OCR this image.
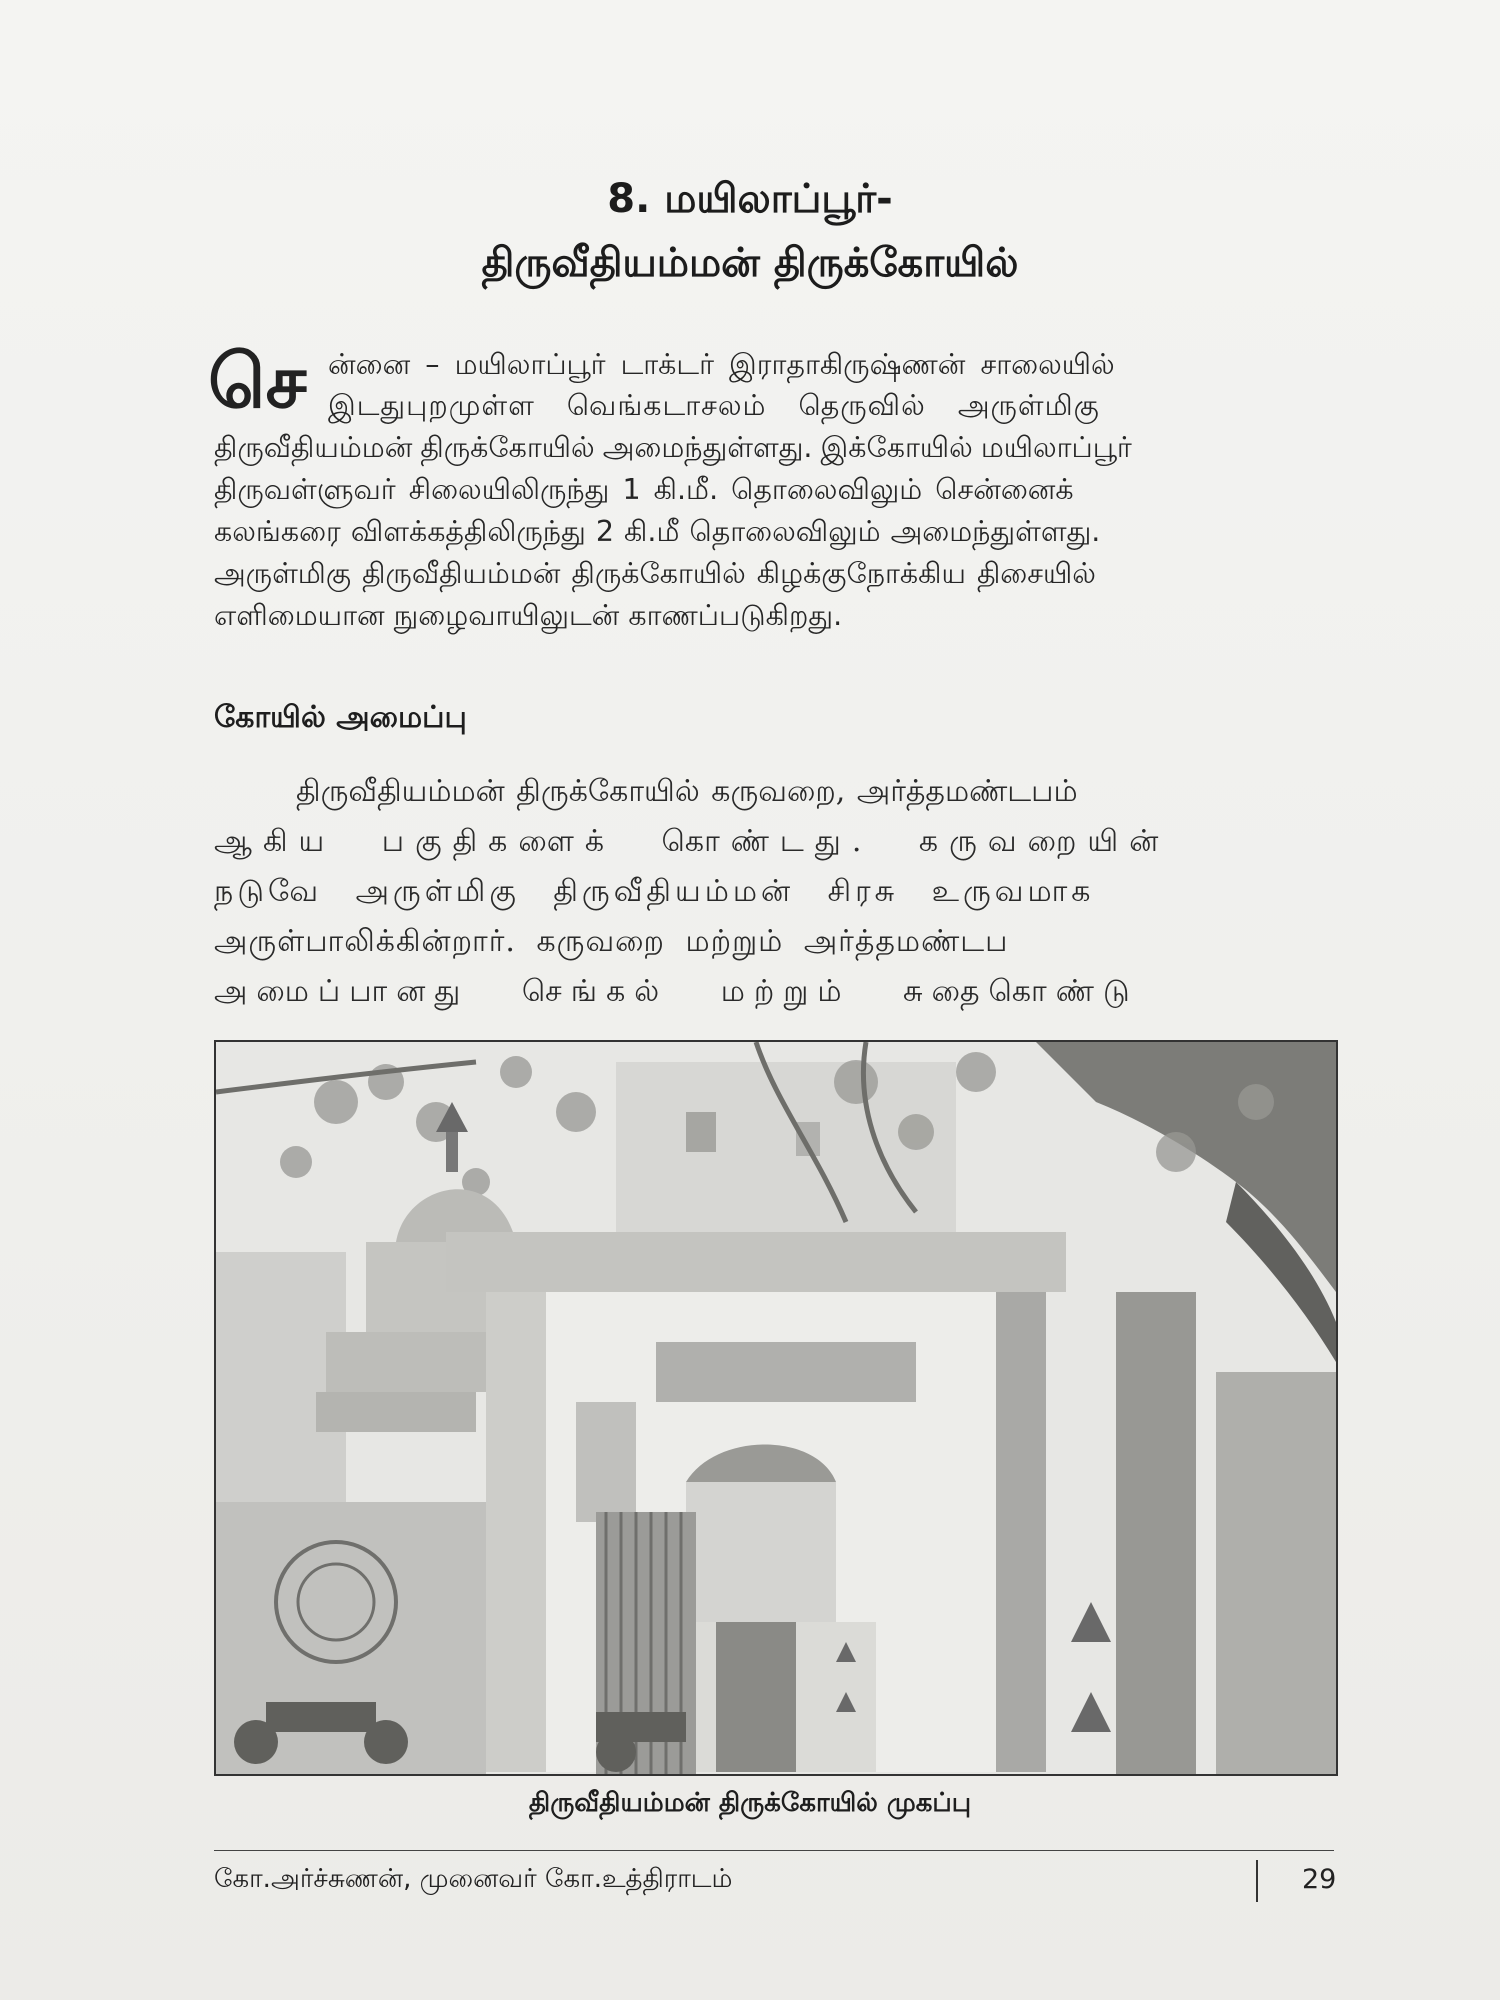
8. மயிலாப்பூர்-
திருவீதியம்மன் திருக்கோயில்
செ ன்னை – மயிலாப்பூர் டாக்டர் இராதாகிருஷ்ணன் சாலையில்
இடதுபுறமுள்ள வெங்கடாசலம் தெருவில் அருள்மிகு
திருவீதியம்மன் திருக்கோயில் அமைந்துள்ளது. இக்கோயில் மயிலாப்பூர்
திருவள்ளுவர் சிலையிலிருந்து 1 கி.மீ. தொலைவிலும் சென்னைக்
கலங்கரை விளக்கத்திலிருந்து 2 கி.மீ தொலைவிலும் அமைந்துள்ளது.
அருள்மிகு திருவீதியம்மன் திருக்கோயில் கிழக்குநோக்கிய திசையில்
எளிமையான நுழைவாயிலுடன் காணப்படுகிறது.
கோயில் அமைப்பு
திருவீதியம்மன் திருக்கோயில் கருவறை, அர்த்தமண்டபம்
ஆகிய பகுதிகளைக் கொண்டது. கருவறையின்
நடுவே அருள்மிகு திருவீதியம்மன் சிரசு உருவமாக
அருள்பாலிக்கின்றார். கருவறை மற்றும் அர்த்தமண்டப
அமைப்பானது செங்கல் மற்றும் சுதைகொண்டு
திருவீதியம்மன் திருக்கோயில் முகப்பு
கோ.அர்ச்சுணன், முனைவர் கோ.உத்திராடம்	29
